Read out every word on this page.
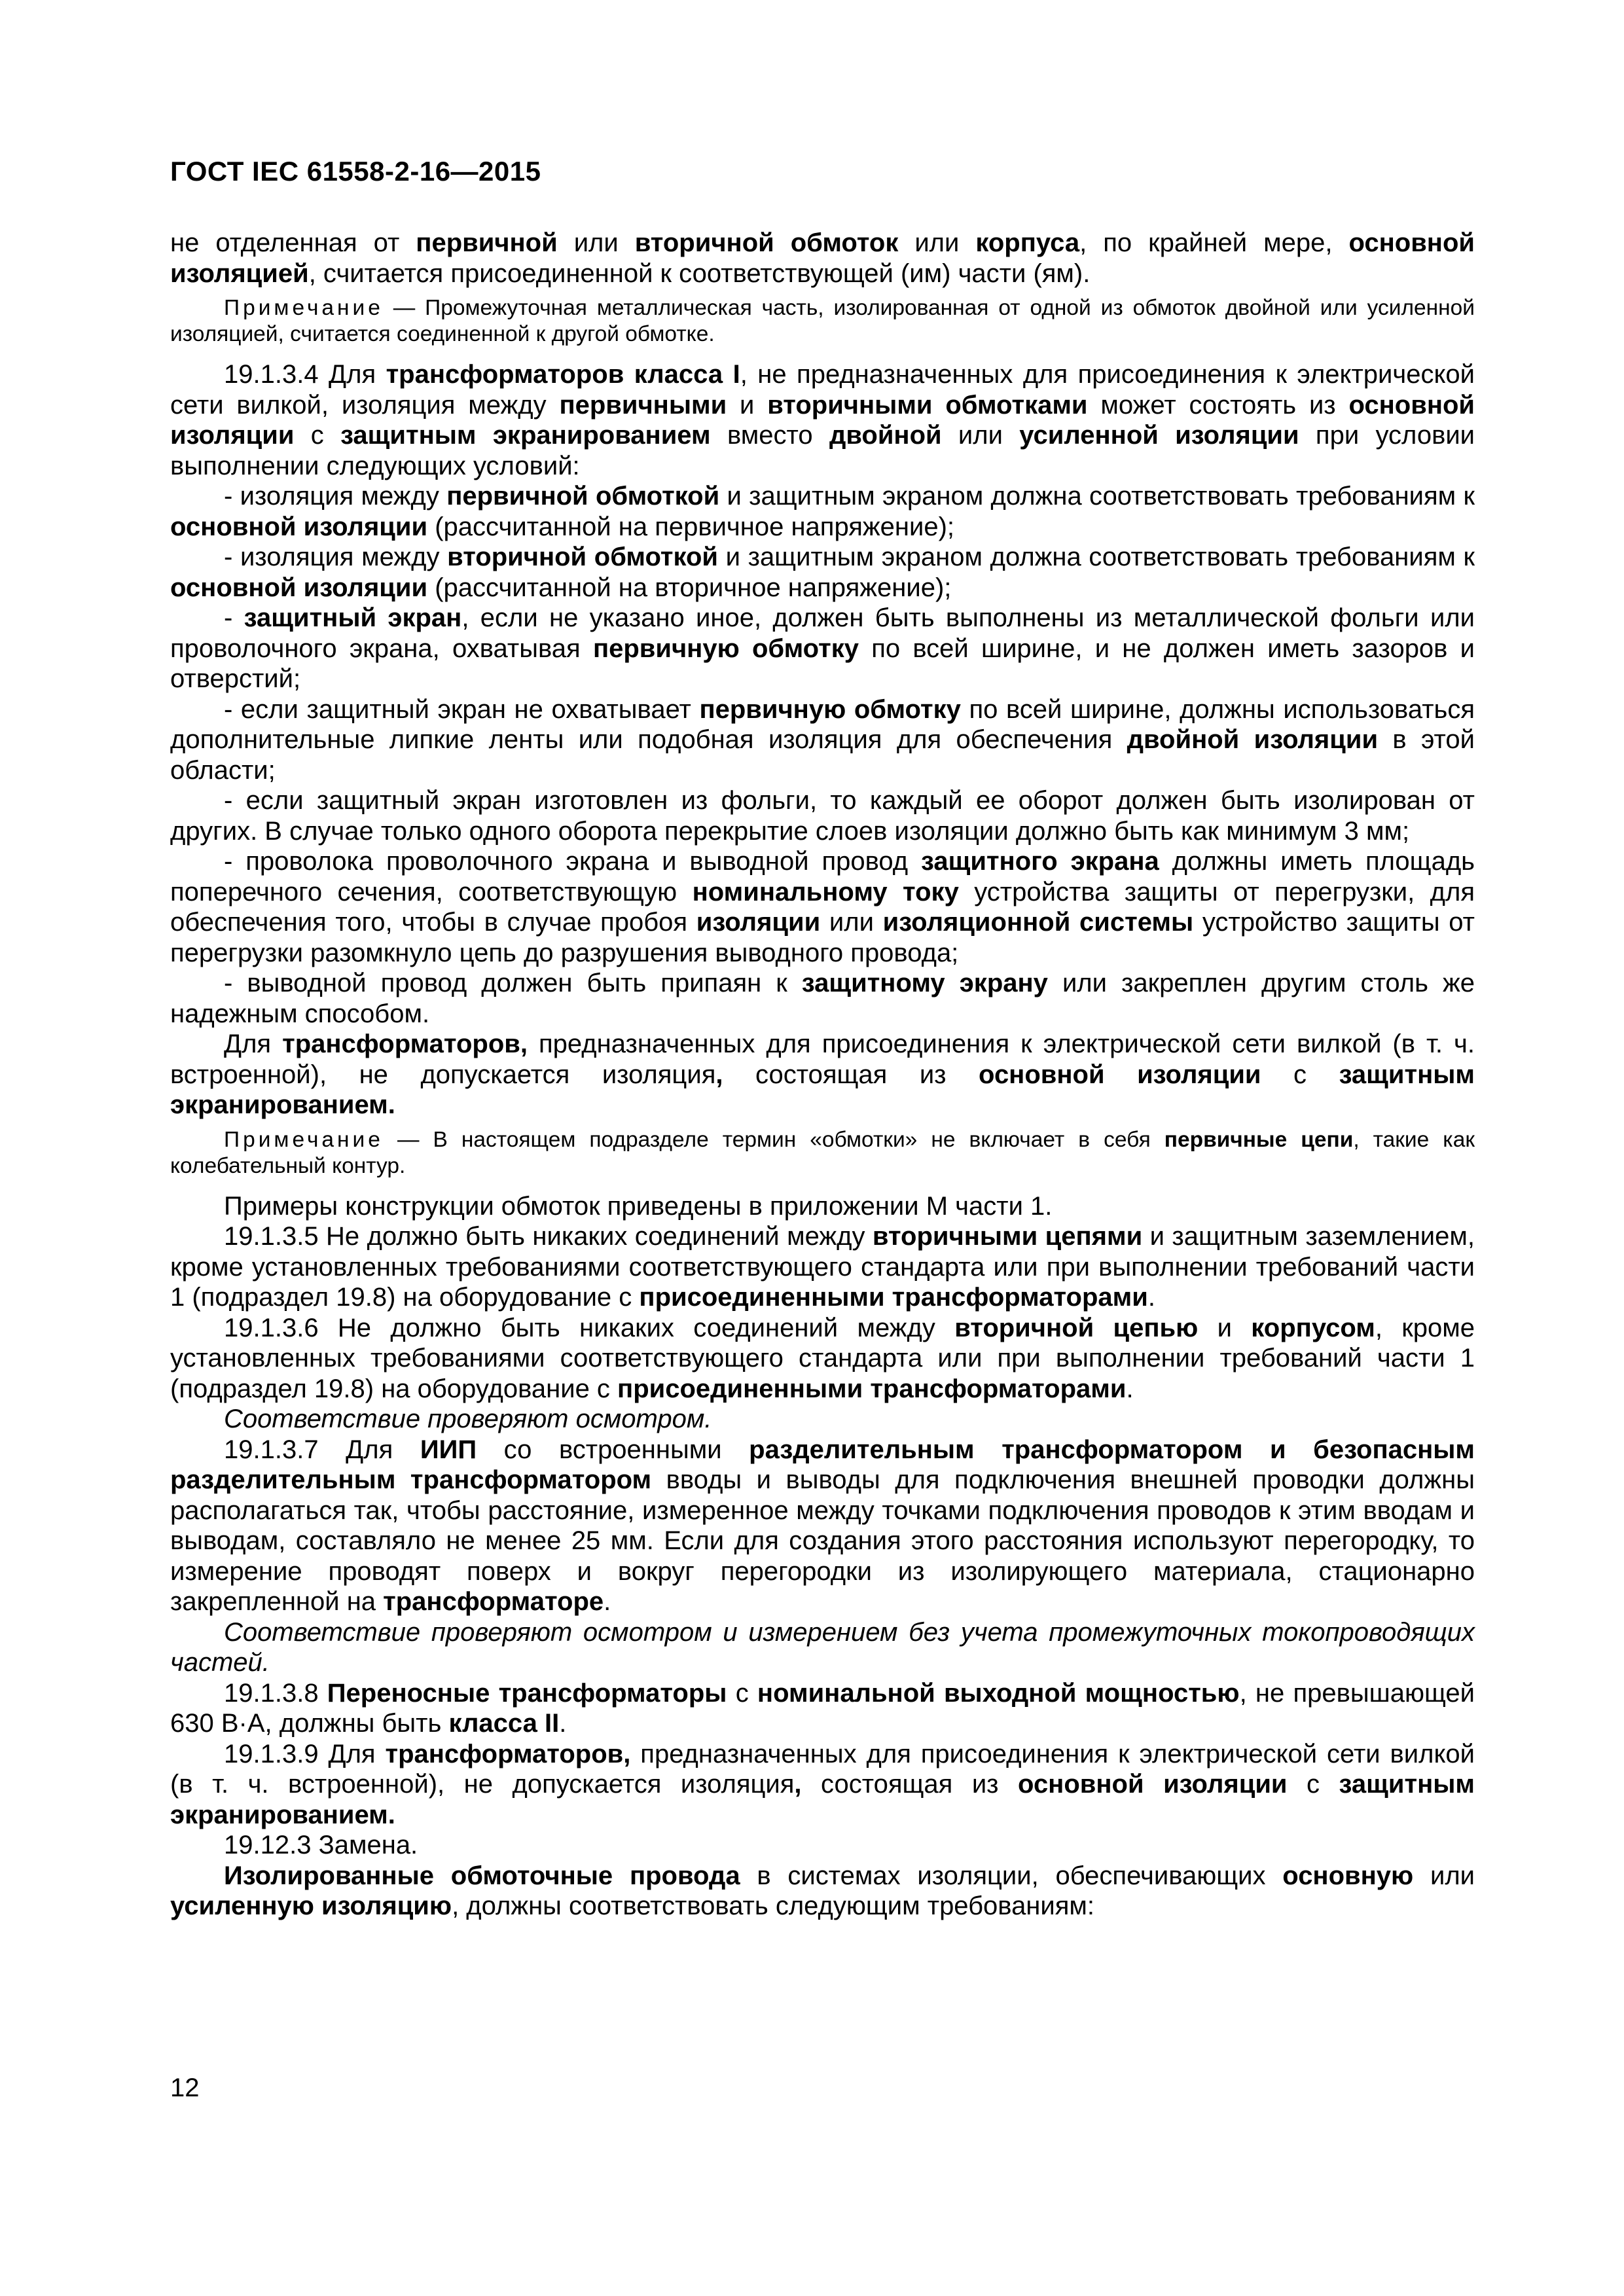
ГОСТ IEC 61558-2-16—2015

не отделенная от первичной или вторичной обмоток или корпуса, по крайней мере, основной изоляцией, считается присоединенной к соответствующей (им) части (ям).

Примечание — Промежуточная металлическая часть, изолированная от одной из обмоток двойной или усиленной изоляцией, считается соединенной к другой обмотке.

19.1.3.4 Для трансформаторов класса I, не предназначенных для присоединения к электрической сети вилкой, изоляция между первичными и вторичными обмотками может состоять из основной изоляции с защитным экранированием вместо двойной или усиленной изоляции при условии выполнении следующих условий:

- изоляция между первичной обмоткой и защитным экраном должна соответствовать требованиям к основной изоляции (рассчитанной на первичное напряжение);

- изоляция между вторичной обмоткой и защитным экраном должна соответствовать требованиям к основной изоляции (рассчитанной на вторичное напряжение);

- защитный экран, если не указано иное, должен быть выполнены из металлической фольги или проволочного экрана, охватывая первичную обмотку по всей ширине, и не должен иметь зазоров и отверстий;

- если защитный экран не охватывает первичную обмотку по всей ширине, должны использоваться дополнительные липкие ленты или подобная изоляция для обеспечения двойной изоляции в этой области;

- если защитный экран изготовлен из фольги, то каждый ее оборот должен быть изолирован от других. В случае только одного оборота перекрытие слоев изоляции должно быть как минимум 3 мм;

- проволока проволочного экрана и выводной провод защитного экрана должны иметь площадь поперечного сечения, соответствующую номинальному току устройства защиты от перегрузки, для обеспечения того, чтобы в случае пробоя изоляции или изоляционной системы устройство защиты от перегрузки разомкнуло цепь до разрушения выводного провода;

- выводной провод должен быть припаян к защитному экрану или закреплен другим столь же надежным способом.

Для трансформаторов, предназначенных для присоединения к электрической сети вилкой (в т. ч. встроенной), не допускается изоляция, состоящая из основной изоляции с защитным экранированием.

Примечание — В настоящем подразделе термин «обмотки» не включает в себя первичные цепи, такие как колебательный контур.

Примеры конструкции обмоток приведены в приложении M части 1.

19.1.3.5 Не должно быть никаких соединений между вторичными цепями и защитным заземлением, кроме установленных требованиями соответствующего стандарта или при выполнении требований части 1 (подраздел 19.8) на оборудование с присоединенными трансформаторами.

19.1.3.6 Не должно быть никаких соединений между вторичной цепью и корпусом, кроме установленных требованиями соответствующего стандарта или при выполнении требований части 1 (подраздел 19.8) на оборудование с присоединенными трансформаторами.

Соответствие проверяют осмотром.

19.1.3.7 Для ИИП со встроенными разделительным трансформатором и безопасным разделительным трансформатором вводы и выводы для подключения внешней проводки должны располагаться так, чтобы расстояние, измеренное между точками подключения проводов к этим вводам и выводам, составляло не менее 25 мм. Если для создания этого расстояния используют перегородку, то измерение проводят поверх и вокруг перегородки из изолирующего материала, стационарно закрепленной на трансформаторе.

Соответствие проверяют осмотром и измерением без учета промежуточных токопроводящих частей.

19.1.3.8 Переносные трансформаторы с номинальной выходной мощностью, не превышающей 630 В·А, должны быть класса II.

19.1.3.9 Для трансформаторов, предназначенных для присоединения к электрической сети вилкой (в т. ч. встроенной), не допускается изоляция, состоящая из основной изоляции с защитным экранированием.

19.12.3 Замена.

Изолированные обмоточные провода в системах изоляции, обеспечивающих основную или усиленную изоляцию, должны соответствовать следующим требованиям:

12
